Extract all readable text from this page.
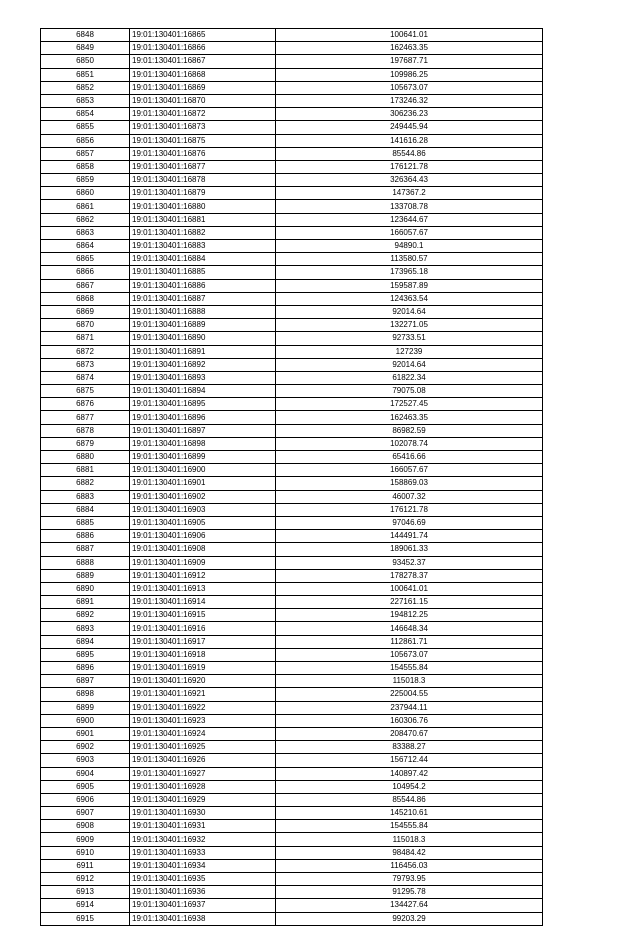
6848	19:01:130401:16865	100641.01
6849	19:01:130401:16866	162463.35
6850	19:01:130401:16867	197687.71
6851	19:01:130401:16868	109986.25
6852	19:01:130401:16869	105673.07
6853	19:01:130401:16870	173246.32
6854	19:01:130401:16872	306236.23
6855	19:01:130401:16873	249445.94
6856	19:01:130401:16875	141616.28
6857	19:01:130401:16876	85544.86
6858	19:01:130401:16877	176121.78
6859	19:01:130401:16878	326364.43
6860	19:01:130401:16879	147367.2
6861	19:01:130401:16880	133708.78
6862	19:01:130401:16881	123644.67
6863	19:01:130401:16882	166057.67
6864	19:01:130401:16883	94890.1
6865	19:01:130401:16884	113580.57
6866	19:01:130401:16885	173965.18
6867	19:01:130401:16886	159587.89
6868	19:01:130401:16887	124363.54
6869	19:01:130401:16888	92014.64
6870	19:01:130401:16889	132271.05
6871	19:01:130401:16890	92733.51
6872	19:01:130401:16891	127239
6873	19:01:130401:16892	92014.64
6874	19:01:130401:16893	61822.34
6875	19:01:130401:16894	79075.08
6876	19:01:130401:16895	172527.45
6877	19:01:130401:16896	162463.35
6878	19:01:130401:16897	86982.59
6879	19:01:130401:16898	102078.74
6880	19:01:130401:16899	65416.66
6881	19:01:130401:16900	166057.67
6882	19:01:130401:16901	158869.03
6883	19:01:130401:16902	46007.32
6884	19:01:130401:16903	176121.78
6885	19:01:130401:16905	97046.69
6886	19:01:130401:16906	144491.74
6887	19:01:130401:16908	189061.33
6888	19:01:130401:16909	93452.37
6889	19:01:130401:16912	178278.37
6890	19:01:130401:16913	100641.01
6891	19:01:130401:16914	227161.15
6892	19:01:130401:16915	194812.25
6893	19:01:130401:16916	146648.34
6894	19:01:130401:16917	112861.71
6895	19:01:130401:16918	105673.07
6896	19:01:130401:16919	154555.84
6897	19:01:130401:16920	115018.3
6898	19:01:130401:16921	225004.55
6899	19:01:130401:16922	237944.11
6900	19:01:130401:16923	160306.76
6901	19:01:130401:16924	208470.67
6902	19:01:130401:16925	83388.27
6903	19:01:130401:16926	156712.44
6904	19:01:130401:16927	140897.42
6905	19:01:130401:16928	104954.2
6906	19:01:130401:16929	85544.86
6907	19:01:130401:16930	145210.61
6908	19:01:130401:16931	154555.84
6909	19:01:130401:16932	115018.3
6910	19:01:130401:16933	98484.42
6911	19:01:130401:16934	116456.03
6912	19:01:130401:16935	79793.95
6913	19:01:130401:16936	91295.78
6914	19:01:130401:16937	134427.64
6915	19:01:130401:16938	99203.29
